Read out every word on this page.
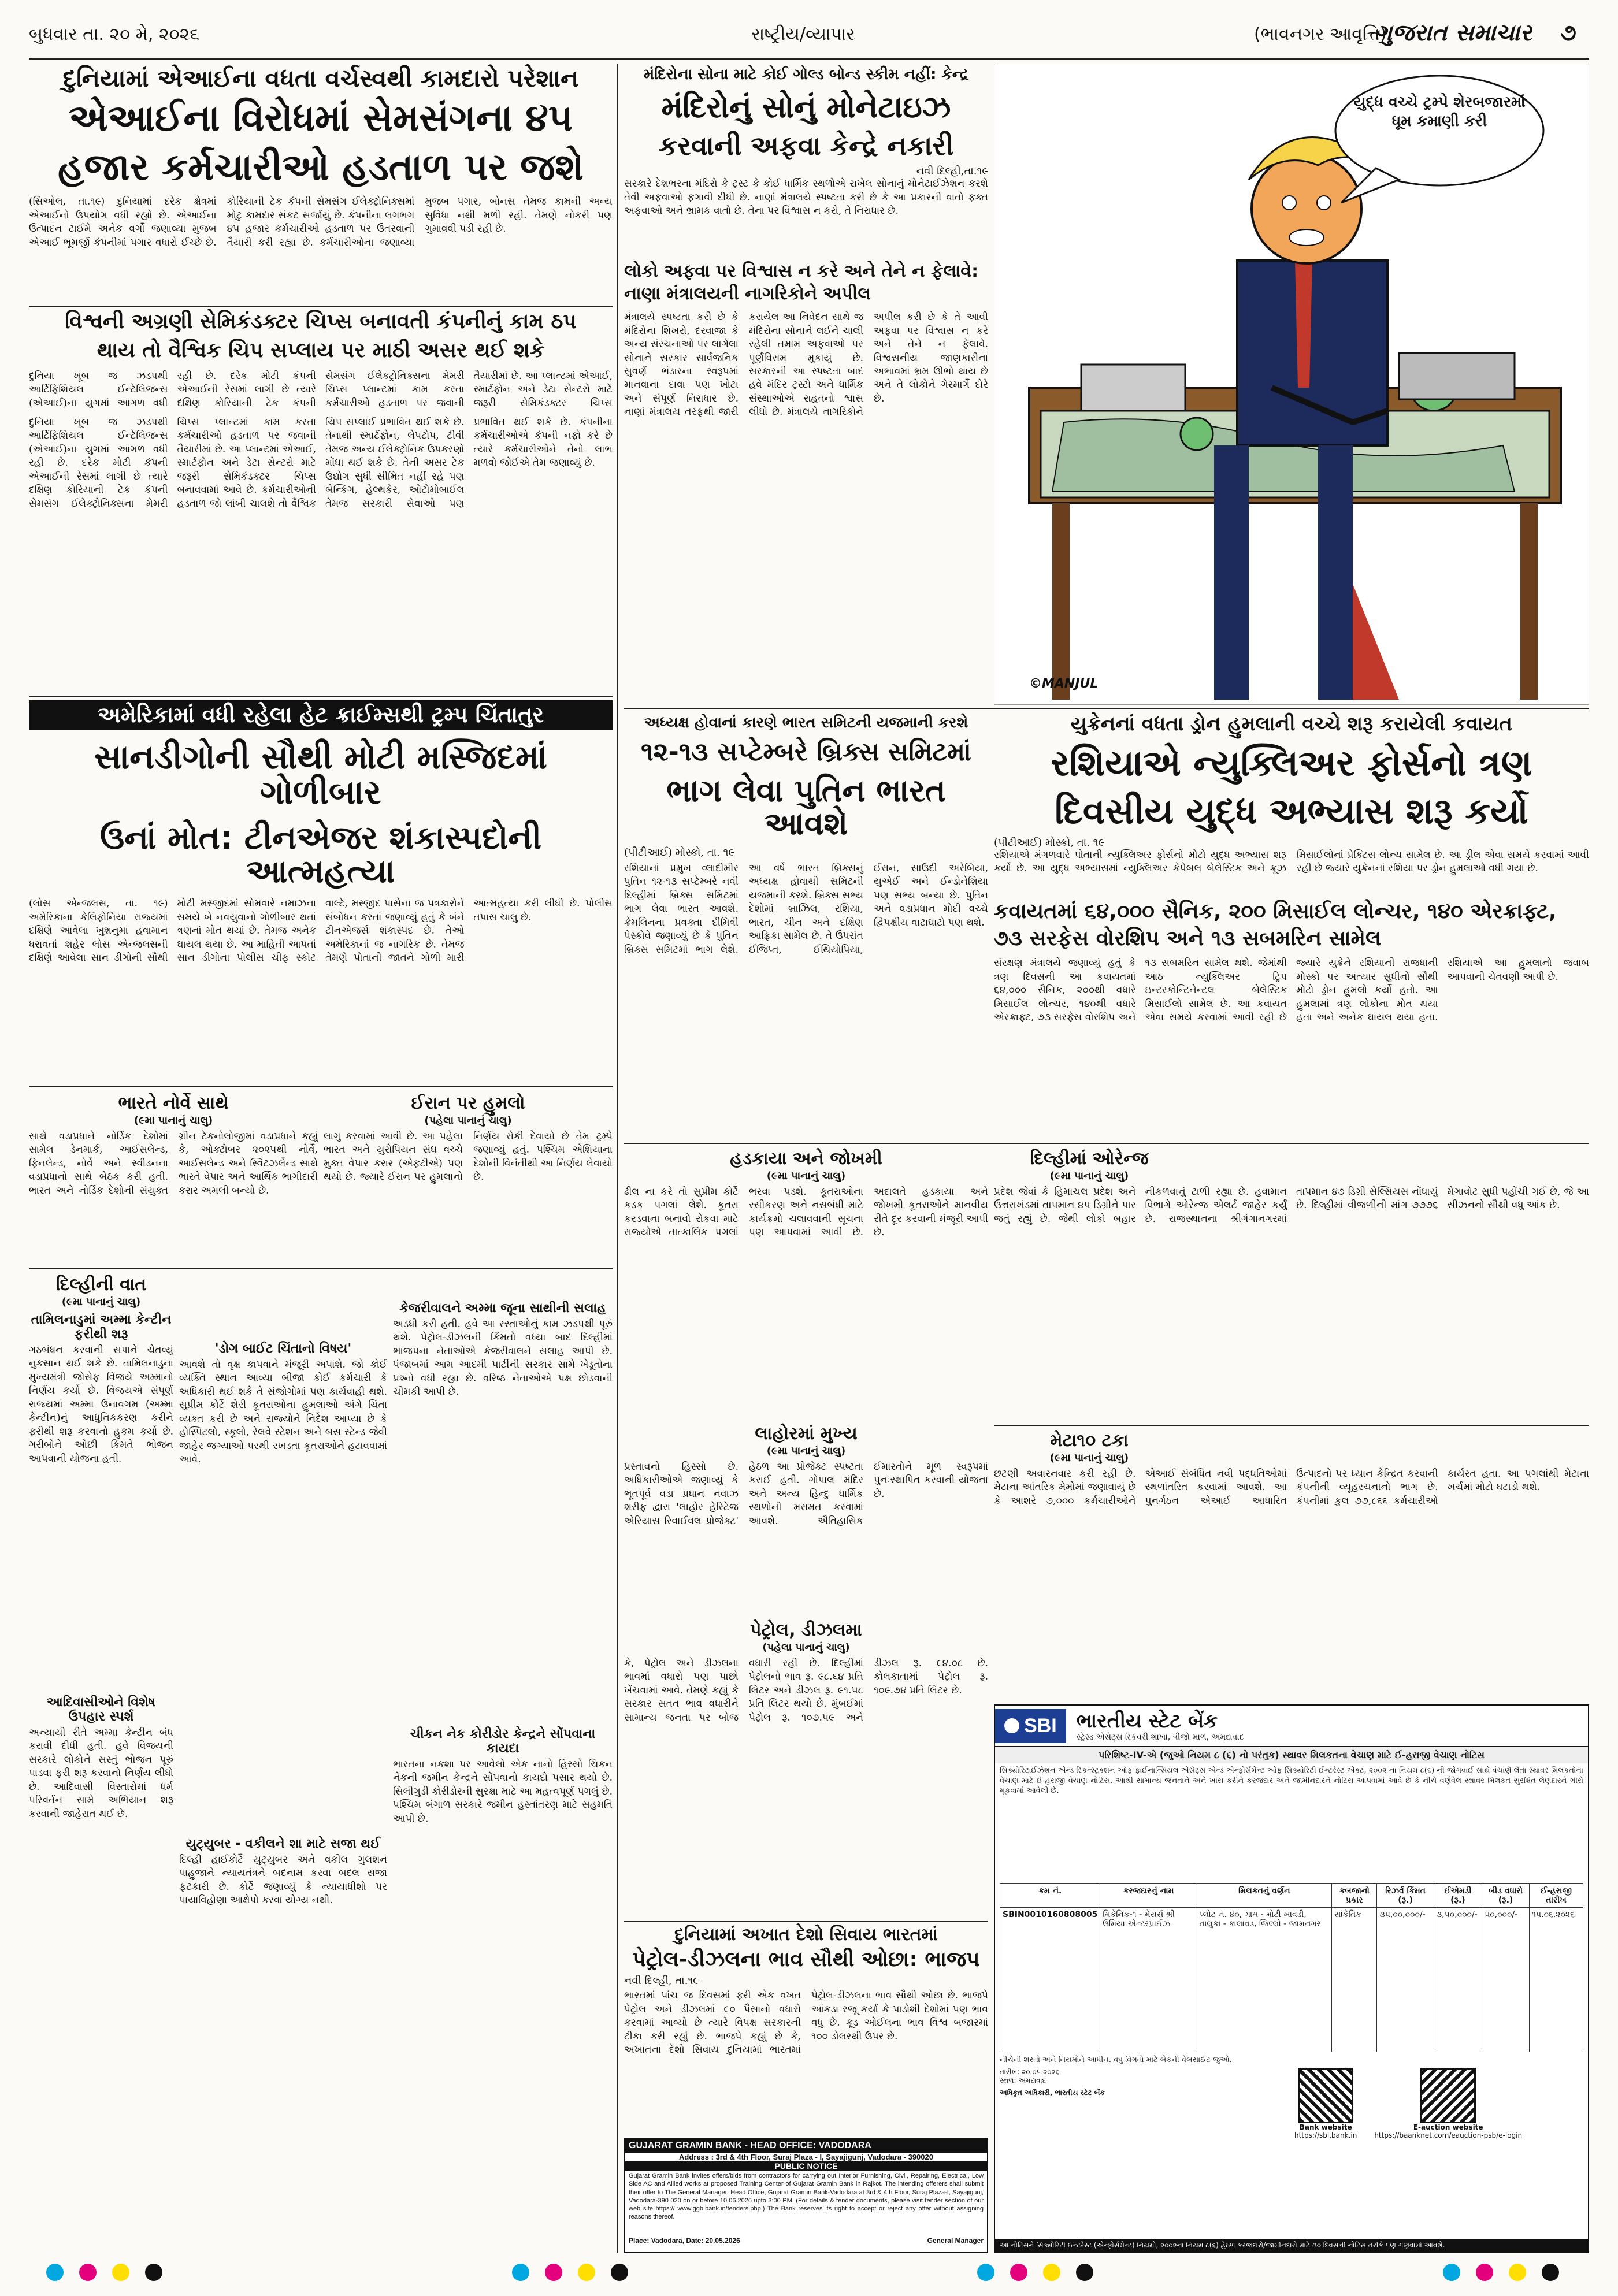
બુધવાર તા. ૨૦ મે, ૨૦૨૬	રાષ્ટ્રીય/વ્યાપાર	(ભાવનગર આવૃત્તિ)
ગુજરાત સમાચાર ૭
દુનિયામાં એઆઈના વધતા વર્ચસ્વથી કામદારો પરેશાન
એઆઈના વિરોધમાં સેમસંગના ૪૫
હજાર કર્મચારીઓ હડતાળ પર જશે

(સિઓલ, તા.૧૯) દુનિયામાં દરેક ક્ષેત્રમાં એઆઈનો ઉપયોગ વધી રહ્યો છે. એઆઈના ઉત્પાદન ટાઈમે અનેક વર્ગો જણાવ્યા મુજબ એઆઈ ભૂમર્જી કંપનીમાં પગાર વધારો ઈચ્છે છે. કોરિયાની ટેક કંપની સેમસંગ ઈલેક્ટ્રોનિક્સમાં મોટુ કામદાર સંકટ સર્જાયું છે. કંપનીના લગભગ ૪૫ હજાર કર્મચારીઓ હડતાળ પર ઉતરવાની તૈયારી કરી રહ્યા છે. કર્મચારીઓના જણાવ્યા મુજબ પગાર, બોનસ તેમજ કામની અન્ય સુવિધા નથી મળી રહી. તેમણે નોકરી પણ ગુમાવવી પડી રહી છે.

વિશ્વની અગ્રણી સેમિકંડક્ટર ચિપ્સ બનાવતી કંપનીનું કામ ઠપ
થાય તો વૈશ્વિક ચિપ સપ્લાય પર માઠી અસર થઈ શકે

દુનિયા ખૂબ જ ઝડપથી આર્ટિફિશિયલ ઈન્ટેલિજન્સ (એઆઈ)ના યુગમાં આગળ વધી રહી છે. દરેક મોટી કંપની એઆઈની રેસમાં લાગી છે ત્યારે દક્ષિણ કોરિયાની ટેક કંપની સેમસંગ ઈલેક્ટ્રોનિક્સના મેમરી ચિપ્સ પ્લાન્ટમાં કામ કરતા કર્મચારીઓ હડતાળ પર જવાની તૈયારીમાં છે. આ પ્લાન્ટમાં એઆઈ, સ્માર્ટફોન અને ડેટા સેન્ટરો માટે જરૂરી સેમિકંડક્ટર ચિપ્સ

દુનિયા ખૂબ જ ઝડપથી આર્ટિફિશિયલ ઈન્ટેલિજન્સ (એઆઈ)ના યુગમાં આગળ વધી રહી છે. દરેક મોટી કંપની એઆઈની રેસમાં લાગી છે ત્યારે દક્ષિણ કોરિયાની ટેક કંપની સેમસંગ ઈલેક્ટ્રોનિક્સના મેમરી ચિપ્સ પ્લાન્ટમાં કામ કરતા કર્મચારીઓ હડતાળ પર જવાની તૈયારીમાં છે. આ પ્લાન્ટમાં એઆઈ, સ્માર્ટફોન અને ડેટા સેન્ટરો માટે જરૂરી સેમિકંડક્ટર ચિપ્સ બનાવવામાં આવે છે. કર્મચારીઓની હડતાળ જો લાંબી ચાલશે તો વૈશ્વિક ચિપ સપ્લાઈ પ્રભાવિત થઈ શકે છે. તેનાથી સ્માર્ટફોન, લેપટોપ, ટીવી તેમજ અન્ય ઈલેક્ટ્રોનિક ઉપકરણો મોંઘા થઈ શકે છે. તેની અસર ટેક ઉદ્યોગ સુધી સીમિત નહીં રહે પણ બેન્કિંગ, હેલ્થકેર, ઓટોમોબાઈલ તેમજ સરકારી સેવાઓ પણ પ્રભાવિત થઈ શકે છે. કંપનીના કર્મચારીઓએ કંપની નફો કરે છે ત્યારે કર્મચારીઓને તેનો લાભ મળવો જોઈએ તેમ જણાવ્યું છે.

અમેરિકામાં વધી રહેલા હેટ ક્રાઈમ્સથી ટ્રમ્પ ચિંતાતુર
સાનડીગોની સૌથી મોટી મસ્જિદમાં ગોળીબાર
ઉનાં મોત: ટીનએજર શંકાસ્પદોની આત્મહત્યા

(લોસ એન્જલસ, તા. ૧૯) અમેરિકાના કેલિફોર્નિયા રાજ્યમાં દક્ષિણે આવેલા ખુશનુમા હવામાન ધરાવતાં શહેર લોસ એન્જલસની દક્ષિણે આવેલા સાન ડીગોની સૌથી મોટી મસ્જીદમાં સોમવારે નમાઝના સમયે બે નવયુવાનો ગોળીબાર થતાં ત્રણનાં મોત થયાં છે. તેમજ અનેક ઘાયલ થયા છે. આ માહિતી આપતાં સાન ડીગોના પોલીસ ચીફ સ્કોટ વાલ્ટે, મસ્જીદ પાસેના જ પત્રકારોને સંબોધન કરતાં જણાવ્યું હતું કે બંને ટીનએજર્સ શંકાસ્પદ છે. તેઓ અમેરિકાનાં જ નાગરિક છે. તેમજ તેમણે પોતાની જાતને ગોળી મારી આત્મહત્યા કરી લીધી છે. પોલીસ તપાસ ચાલુ છે.

ભારતે નોર્વે સાથે
(૯મા પાનાનું ચાલુ)

સાથે વડાપ્રધાને નોર્ડિક દેશોમાં સામેલ ડેનમાર્ક, આઈસલેન્ડ, ફિનલેન્ડ, નોર્વે અને સ્વીડનના વડાપ્રધાનો સાથે બેઠક કરી હતી. ભારત અને નોર્ડિક દેશોની સંયુક્ત ગ્રીન ટેકનોલોજીમાં વડાપ્રધાને કહ્યું કે, ઓક્ટોબર ૨૦૨૫થી નોર્વે, આઈસલેન્ડ અને સ્વિટઝર્લેન્ડ સાથે ભારતે વેપાર અને આર્થિક ભાગીદારી કરાર અમલી બન્યો છે.

ઈરાન પર હુમલો
(પહેલા પાનાનું ચાલુ)

લાગુ કરવામાં આવી છે. આ પહેલા ભારત અને યુરોપિયન સંઘ વચ્ચે મુક્ત વેપાર કરાર (એફટીએ) પણ થયો છે. જ્યારે ઈરાન પર હુમલાનો નિર્ણય રોકી દેવાયો છે તેમ ટ્રમ્પે જણાવ્યું હતું. પશ્ચિમ એશિયાના દેશોની વિનંતીથી આ નિર્ણય લેવાયો છે.

દિલ્હીની વાત
(૯મા પાનાનું ચાલુ)
તામિલનાડુમાં અમ્મા કેન્ટીન ફરીથી શરૂ

ગઠબંધન કરવાની સપાને ચેતવ્યું નુકસાન થઈ શકે છે. તામિલનાડુના મુખ્યમંત્રી જોસેફ વિજયે અમ્માનો નિર્ણય કર્યો છે. વિજયએ સંપૂર્ણ રાજ્યમાં અમ્મા ઉનાવગમ (અમ્મા કેન્ટીન)નું આધુનિકકરણ કરીને ફરીથી શરૂ કરવાનો હુકમ કર્યો છે. ગરીબોને ઓછી કિંમતે ભોજન આપવાની યોજના હતી.

આદિવાસીઓને વિશેષ ઉપહાર સ્પર્શ

અન્યાયી રીતે અમ્મા કેન્ટીન બંધ કરાવી દીધી હતી. હવે વિજયની સરકારે લોકોને સસ્તું ભોજન પૂરું પાડવા ફરી શરૂ કરવાનો નિર્ણય લીધો છે. આદિવાસી વિસ્તારોમાં ધર્મ પરિવર્તન સામે અભિયાન શરૂ કરવાની જાહેરાત થઈ છે.

'ડોગ બાઈટ ચિંતાનો વિષય'

આવશે તો વૃક્ષ કાપવાને મંજૂરી અપાશે. જો કોઈ વ્યક્તિ સ્થાન આવ્યા બીજા કોઈ કર્મચારી કે અધિકારી થઈ શકે તે સંજોગોમાં પણ કાર્યવાહી થશે. સુપ્રીમ કોર્ટે શેરી કૂતરાઓના હુમલાઓ અંગે ચિંતા વ્યક્ત કરી છે અને રાજ્યોને નિર્દેશ આપ્યા છે કે હોસ્પિટલો, સ્કૂલો, રેલવે સ્ટેશન અને બસ સ્ટેન્ડ જેવી જાહેર જગ્યાઓ પરથી રખડતા કૂતરાઓને હટાવવામાં આવે.

યુટ્યુબર - વકીલને શા માટે સજા થઈ

દિલ્હી હાઈકોર્ટે યુટ્યુબર અને વકીલ ગુલશન પાહુજાને ન્યાયતંત્રને બદનામ કરવા બદલ સજા ફટકારી છે. કોર્ટે જણાવ્યું કે ન્યાયાધીશો પર પાયાવિહોણા આક્ષેપો કરવા યોગ્ય નથી.

કેજરીવાલને અમ્મા જૂના સાથીની સલાહ

અડધી કરી હતી. હવે આ રસ્તાઓનું કામ ઝડપથી પૂરું થશે. પેટ્રોલ-ડીઝલની કિંમતો વધ્યા બાદ દિલ્હીમાં ભાજપના નેતાઓએ કેજરીવાલને સલાહ આપી છે. પંજાબમાં આમ આદમી પાર્ટીની સરકાર સામે ખેડૂતોના પ્રશ્નો વધી રહ્યા છે. વરિષ્ઠ નેતાઓએ પક્ષ છોડવાની ચીમકી આપી છે.

ચીકન નેક કોરીડોર કેન્દ્રને સોંપવાના કાયદા

ભારતના નકશા પર આવેલો એક નાનો હિસ્સો ચિકન નેકની જમીન કેન્દ્રને સોંપવાનો કાયદો પસાર થયો છે. સિલીગુડી કોરીડોરની સુરક્ષા માટે આ મહત્વપૂર્ણ પગલું છે. પશ્ચિમ બંગાળ સરકારે જમીન હસ્તાંતરણ માટે સહમતિ આપી છે.

મંદિરોના સોના માટે કોઈ ગોલ્ડ બોન્ડ સ્કીમ નહીં: કેન્દ્ર
મંદિરોનું સોનું મોનેટાઇઝ
કરવાની અફવા કેન્દ્રે નકારી
નવી દિલ્હી,તા.૧૯

સરકારે દેશભરના મંદિરો કે ટ્રસ્ટ કે કોઈ ધાર્મિક સ્થળોએ રાખેલ સોનાનું મોનેટાઈઝેશન કરશે તેવી અફવાઓ ફગાવી દીધી છે. નાણાં મંત્રાલયે સ્પષ્ટતા કરી છે કે આ પ્રકારની વાતો ફક્ત અફવાઓ અને ભ્રામક વાતો છે. તેના પર વિશ્વાસ ન કરો, તે નિરાધાર છે.

લોકો અફવા પર વિશ્વાસ ન કરે અને તેને ન ફેલાવે: નાણા મંત્રાલયની નાગરિકોને અપીલ

મંત્રાલયે સ્પષ્ટતા કરી છે કે મંદિરોના શિખરો, દરવાજા કે અન્ય સંરચનાઓ પર લાગેલા સોનાને સરકાર સાર્વજનિક સુવર્ણ ભંડારના સ્વરૂપમાં માનવાના દાવા પણ ખોટા અને સંપૂર્ણ નિરાધાર છે. નાણાં મંત્રાલય તરફથી જારી કરાયેલ આ નિવેદન સાથે જ મંદિરોના સોનાને લઈને ચાલી રહેલી તમામ અફવાઓ પર પૂર્ણવિરામ મુકાયું છે. સરકારની આ સ્પષ્ટતા બાદ હવે મંદિર ટ્રસ્ટો અને ધાર્મિક સંસ્થાઓએ રાહતનો શ્વાસ લીધો છે. મંત્રાલયે નાગરિકોને અપીલ કરી છે કે તે આવી અફવા પર વિશ્વાસ ન કરે અને તેને ન ફેલાવે. વિશ્વસનીય જાણકારીના અભાવમાં ભ્રમ ઊભો થાય છે અને તે લોકોને ગેરમાર્ગે દોરે છે.

યુદ્ધ વચ્ચે ટ્રમ્પે શેરબજારમાં ધૂમ કમાણી કરી
©MANJUL
અધ્યક્ષ હોવાનાં કારણે ભારત સમિટની યજમાની કરશે
૧૨-૧૩ સપ્ટેમ્બરે બ્રિક્સ સમિટમાં
ભાગ લેવા પુતિન ભારત આવશે
(પીટીઆઈ) મોસ્કો, તા. ૧૯

રશિયાનાં પ્રમુખ વ્લાદીમીર પુતિન ૧૨-૧૩ સપ્ટેમ્બરે નવી દિલ્હીમાં બ્રિક્સ સમિટમાં ભાગ લેવા ભારત આવશે. ક્રેમલિનના પ્રવક્તા દીમિત્રી પેસ્કોવે જણાવ્યું છે કે પુતિન બ્રિક્સ સમિટમાં ભાગ લેશે. આ વર્ષે ભારત બ્રિક્સનું અધ્યક્ષ હોવાથી સમિટની યજમાની કરશે. બ્રિક્સ સભ્ય દેશોમાં બ્રાઝિલ, રશિયા, ભારત, ચીન અને દક્ષિણ આફ્રિકા સામેલ છે. તે ઉપરાંત ઈજિપ્ત, ઈથિયોપિયા, ઈરાન, સાઉદી અરેબિયા, યુએઈ અને ઈન્ડોનેશિયા પણ સભ્ય બન્યા છે. પુતિન અને વડાપ્રધાન મોદી વચ્ચે દ્વિપક્ષીય વાટાઘાટો પણ થશે.

યુક્રેનનાં વધતા ડ્રોન હુમલાની વચ્ચે શરૂ કરાયેલી કવાયત
રશિયાએ ન્યુક્લિઅર ફોર્સનો ત્રણ
દિવસીય યુદ્ધ અભ્યાસ શરૂ કર્યો
(પીટીઆઈ) મોસ્કો, તા. ૧૯

રશિયાએ મંગળવારે પોતાની ન્યુક્લિઅર ફોર્સનો મોટો યુદ્ધ અભ્યાસ શરૂ કર્યો છે. આ યુદ્ધ અભ્યાસમાં ન્યુક્લિઅર કેપેબલ બેલેસ્ટિક અને ક્રૂઝ મિસાઈલોનાં પ્રેક્ટિસ લોન્ચ સામેલ છે. આ ડ્રીલ એવા સમયે કરવામાં આવી રહી છે જ્યારે યુક્રેનનાં રશિયા પર ડ્રોન હુમલાઓ વધી ગયા છે.

કવાયતમાં ૬૪,૦૦૦ સૈનિક, ૨૦૦ મિસાઈલ લોન્ચર, ૧૪૦ એરક્રાફ્ટ, ૭૩ સરફેસ વોરશિપ અને ૧૩ સબમરિન સામેલ

સંરક્ષણ મંત્રાલયે જણાવ્યું હતું કે ત્રણ દિવસની આ કવાયતમાં ૬૪,૦૦૦ સૈનિક, ૨૦૦થી વધારે મિસાઈલ લોન્ચર, ૧૪૦થી વધારે એરક્રાફ્ટ, ૭૩ સરફેસ વોરશિપ અને ૧૩ સબમરિન સામેલ થશે. જેમાંથી આઠ ન્યુક્લિઅર ટ્રિપ ઇન્ટરકોન્ટિનેન્ટલ બેલેસ્ટિક મિસાઈલો સામેલ છે. આ કવાયત એવા સમયે કરવામાં આવી રહી છે જ્યારે યુક્રેને રશિયાની રાજધાની મોસ્કો પર અત્યાર સુધીનો સૌથી મોટો ડ્રોન હુમલો કર્યો હતો. આ હુમલામાં ત્રણ લોકોના મોત થયા હતા અને અનેક ઘાયલ થયા હતા. રશિયાએ આ હુમલાનો જવાબ આપવાની ચેતવણી આપી છે.

હડકાયા અને જોખમી
(૯મા પાનાનું ચાલુ)

ઢીલ ના કરે તો સુપ્રીમ કોર્ટે કડક પગલાં લેશે. કૂતરા કરડવાના બનાવો રોકવા માટે રાજ્યોએ તાત્કાલિક પગલાં ભરવા પડશે. કૂતરાઓના રસીકરણ અને નસબંધી માટે કાર્યક્રમો ચલાવવાની સૂચના પણ આપવામાં આવી છે. અદાલતે હડકાયા અને જોખમી કૂતરાઓને માનવીય રીતે દૂર કરવાની મંજૂરી આપી છે.

લાહોરમાં મુખ્ય
(૯મા પાનાનું ચાલુ)

પ્રસ્તાવનો હિસ્સો છે. અધિકારીઓએ જણાવ્યું કે ભૂતપૂર્વ વડા પ્રધાન નવાઝ શરીફ દ્વારા 'લાહોર હેરિટેજ એરિયાસ રિવાઈવલ પ્રોજેક્ટ' હેઠળ આ પ્રોજેક્ટ સ્પષ્ટતા કરાઈ હતી. ગોપાલ મંદિર અને અન્ય હિન્દુ ધાર્મિક સ્થળોની મરામત કરવામાં આવશે. ઐતિહાસિક ઈમારતોને મૂળ સ્વરૂપમાં પુનઃસ્થાપિત કરવાની યોજના છે.

પેટ્રોલ, ડીઝલમા
(પહેલા પાનાનું ચાલુ)

કે, પેટ્રોલ અને ડીઝલના ભાવમાં વધારો પણ પાછો ખેંચવામાં આવે. તેમણે કહ્યું કે સરકાર સતત ભાવ વધારીને સામાન્ય જનતા પર બોજ વધારી રહી છે. દિલ્હીમાં પેટ્રોલનો ભાવ રૂ. ૯૮.૬૪ પ્રતિ લિટર અને ડીઝલ રૂ. ૯૧.૫૮ પ્રતિ લિટર થયો છે. મુંબઈમાં પેટ્રોલ રૂ. ૧૦૭.૫૯ અને ડીઝલ રૂ. ૯૪.૦૮ છે. કોલકાતામાં પેટ્રોલ રૂ. ૧૦૯.૭૪ પ્રતિ લિટર છે.

દિલ્હીમાં ઓરેન્જ
(૯મા પાનાનું ચાલુ)

પ્રદેશ જેવાં કે હિમાચલ પ્રદેશ અને ઉત્તરાખંડમાં તાપમાન ૪૫ ડિગ્રીને પાર જતું રહ્યું છે. જેથી લોકો બહાર નીકળવાનું ટાળી રહ્યા છે. હવામાન વિભાગે ઓરેન્જ એલર્ટ જાહેર કર્યું છે. રાજસ્થાનના શ્રીગંગાનગરમાં તાપમાન ૪૭ ડિગ્રી સેલ્સિયસ નોંધાયું છે. દિલ્હીમાં વીજળીની માંગ ૭૭૭૬ મેગાવોટ સુધી પહોંચી ગઈ છે, જે આ સીઝનનો સૌથી વધુ આંક છે.

મેટા૧૦ ટકા
(૯મા પાનાનું ચાલુ)

છટણી અવારનવાર કરી રહી છે. મેટાના આંતરિક મેમોમાં જણાવાયું છે કે આશરે ૭,૦૦૦ કર્મચારીઓને એઆઈ સંબંધિત નવી પદ્ધતિઓમાં સ્થળાંતરિત કરવામાં આવશે. આ પુનર્ગઠન એઆઈ આધારિત ઉત્પાદનો પર ધ્યાન કેન્દ્રિત કરવાની કંપનીની વ્યૂહરચનાનો ભાગ છે. કંપનીમાં કુલ ૭૭,૮૬૬ કર્મચારીઓ કાર્યરત હતા. આ પગલાંથી મેટાના ખર્ચમાં મોટો ઘટાડો થશે.

દુનિયામાં અખાત દેશો સિવાય ભારતમાં
પેટ્રોલ-ડીઝલના ભાવ સૌથી ઓછા: ભાજપ
નવી દિલ્હી, તા.૧૯

ભારતમાં પાંચ જ દિવસમાં ફરી એક વખત પેટ્રોલ અને ડીઝલમાં ૯૦ પૈસાનો વધારો કરવામાં આવ્યો છે ત્યારે વિપક્ષ સરકારની ટીકા કરી રહ્યું છે. ભાજપે કહ્યું છે કે, અખાતના દેશો સિવાય દુનિયામાં ભારતમાં પેટ્રોલ-ડીઝલના ભાવ સૌથી ઓછા છે. ભાજપે આંકડા રજૂ કર્યા કે પાડોશી દેશોમાં પણ ભાવ વધુ છે. ક્રૂડ ઓઈલના ભાવ વિશ્વ બજારમાં ૧૦૦ ડોલરથી ઉપર છે.

GUJARAT GRAMIN BANK - HEAD OFFICE: VADODARA
Address : 3rd & 4th Floor, Suraj Plaza - I, Sayajigunj, Vadodara - 390020
PUBLIC NOTICE

Gujarat Gramin Bank invites offers/bids from contractors for carrying out Interior Furnishing, Civil, Repairing, Electrical, Low Side AC and Allied works at proposed Training Center of Gujarat Gramin Bank in Rajkot. The intending offerers shall submit their offer to The General Manager, Head Office, Gujarat Gramin Bank-Vadodara at 3rd & 4th Floor, Suraj Plaza-I, Sayajigunj, Vadodara-390 020 on or before 10.06.2026 upto 3:00 PM. (For details & tender documents, please visit tender section of our web site https:// www.ggb.bank.in/tenders.php.) The Bank reserves its right to accept or reject any offer without assigning reasons thereof.

Place: Vadodara, Date: 20.05.2026	General Manager
SBI ભારતીય સ્ટેટ બેંક
સ્ટ્રેસ્ડ એસેટ્સ રિકવરી શાખા, ત્રીજો માળ, અમદાવાદ
પરિશિષ્ટ-IV-એ (જુઓ નિયમ ૮ (૬) નો પરંતુક) સ્થાવર મિલકતના વેચાણ માટે ઈ-હરાજી વેચાણ નોટિસ

સિક્યોરિટાઈઝેશન એન્ડ રિકન્સ્ટ્રક્શન ઓફ ફાઈનાન્સિયલ એસેટ્સ એન્ડ એન્ફોર્સમેન્ટ ઓફ સિક્યોરિટી ઈન્ટરેસ્ટ એક્ટ, ૨૦૦૨ ના નિયમ ૮(૬) ની જોગવાઈ સાથે વંચાણે લેતા સ્થાવર મિલકતોના વેચાણ માટે ઈ-હરાજી વેચાણ નોટિસ. આથી સામાન્ય જનતાને અને ખાસ કરીને કરજદાર અને જામીનદારને નોટિસ આપવામાં આવે છે કે નીચે વર્ણવેલ સ્થાવર મિલકત સુરક્ષિત લેણદારને ગીરો મૂકવામાં આવેલી છે.

ક્રમ નં.	કરજદારનું નામ	મિલકતનું વર્ણન	કબજાનો પ્રકાર	રિઝર્વ કિંમત (રૂ.)	ઈએમડી (રૂ.)	બીડ વધારો (રૂ.)	ઈ-હરાજી તારીખ
SBIN0010160808005	મિકેનિક-૧ - મેસર્સ શ્રી ઉમિયા એન્ટરપ્રાઈઝ	પ્લોટ નં. ૪૦, ગામ - મોટી ખાવડી, તાલુકા - કાલાવડ, જિલ્લો - જામનગર	સાંકેતિક	૩૫,૦૦,૦૦૦/-	૩,૫૦,૦૦૦/-	૫૦,૦૦૦/-	૧૫.૦૬.૨૦૨૬

નીચેની શરતો અને નિયમોને આધીન. વધુ વિગતો માટે બેંકની વેબસાઈટ જુઓ.

તારીખ: ૨૦.૦૫.૨૦૨૬
સ્થળ: અમદાવાદ
અધિકૃત અધિકારી, ભારતીય સ્ટેટ બેંક
Bank website
https://sbi.bank.in
E-auction website
https://baanknet.com/eauction-psb/e-login
આ નોટિસને સિક્યોરિટી ઈન્ટરેસ્ટ (એન્ફોર્સમેન્ટ) નિયમો, ૨૦૦૨ના નિયમ ૮(૬) હેઠળ કરજદારો/જામીનદારો માટે ૩૦ દિવસની નોટિસ તરીકે પણ ગણવામાં આવશે.
